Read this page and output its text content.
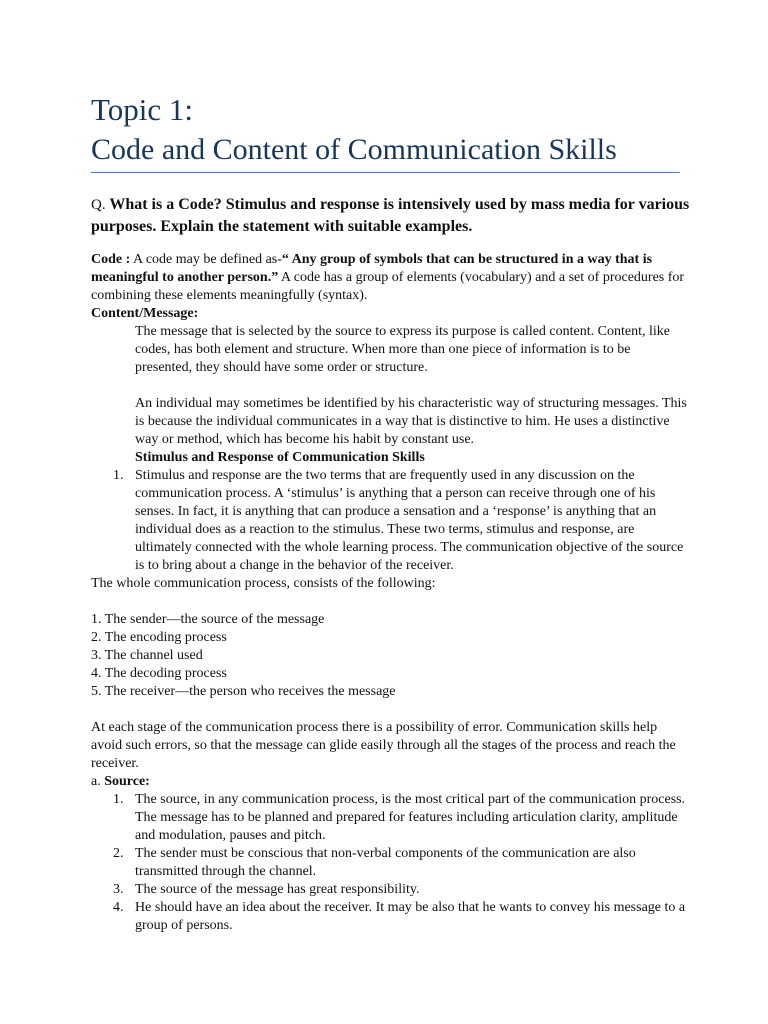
Topic 1:
Code and Content of Communication Skills

Q. What is a Code? Stimulus and response is intensively used by mass media for various purposes. Explain the statement with suitable examples.

Code : A code may be defined as-“ Any group of symbols that can be structured in a way that is meaningful to another person.” A code has a group of elements (vocabulary) and a set of procedures for combining these elements meaningfully (syntax).

Content/Message:

The message that is selected by the source to express its purpose is called content. Content, like codes, has both element and structure. When more than one piece of information is to be presented, they should have some order or structure.

An individual may sometimes be identified by his characteristic way of structuring messages. This is because the individual communicates in a way that is distinctive to him. He uses a distinctive way or method, which has become his habit by constant use.

Stimulus and Response of Communication Skills

1. Stimulus and response are the two terms that are frequently used in any discussion on the communication process. A ‘stimulus’ is anything that a person can receive through one of his senses. In fact, it is anything that can produce a sensation and a ‘response’ is anything that an individual does as a reaction to the stimulus. These two terms, stimulus and response, are ultimately connected with the whole learning process. The communication objective of the source is to bring about a change in the behavior of the receiver.

The whole communication process, consists of the following:

1. The sender—the source of the message

2. The encoding process

3. The channel used

4. The decoding process

5. The receiver—the person who receives the message

At each stage of the communication process there is a possibility of error. Communication skills help avoid such errors, so that the message can glide easily through all the stages of the process and reach the receiver.

a. Source:

1. The source, in any communication process, is the most critical part of the communication process. The message has to be planned and prepared for features including articulation clarity, amplitude and modulation, pauses and pitch.
2. The sender must be conscious that non-verbal components of the communication are also transmitted through the channel.
3. The source of the message has great responsibility.
4. He should have an idea about the receiver. It may be also that he wants to convey his message to a group of persons.
